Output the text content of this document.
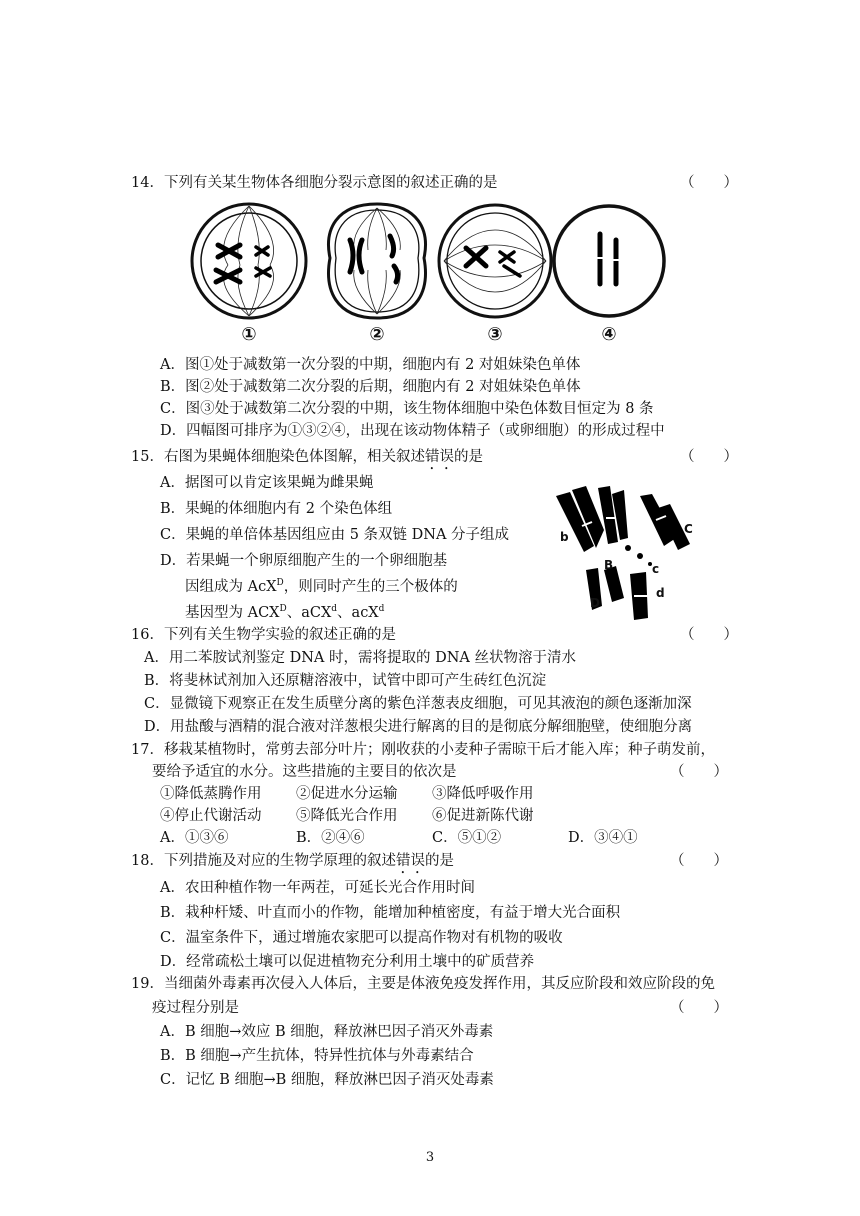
14．下列有关某生物体各细胞分裂示意图的叙述正确的是	（　　）
①	②	③	④
A．图①处于减数第一次分裂的中期，细胞内有 2 对姐妹染色单体
B．图②处于减数第二次分裂的后期，细胞内有 2 对姐妹染色单体
C．图③处于减数第二次分裂的中期，该生物体细胞中染色体数目恒定为 8 条
D．四幅图可排序为①③②④，出现在该动物体精子（或卵细胞）的形成过程中
15．右图为果蝇体细胞染色体图解，相关叙述错误的是	（　　）
A．据图可以肯定该果蝇为雌果蝇
B．果蝇的体细胞内有 2 个染色体组
C．果蝇的单倍体基因组应由 5 条双链 DNA 分子组成
D．若果蝇一个卵原细胞产生的一个卵细胞基
因组成为 AcX$^D$，则同时产生的三个极体的
基因型为 $ACX^D$、aCX$^d$、acX$^d$
b
B
D
d
C
c
16．下列有关生物学实验的叙述正确的是	（　　）
A．用二苯胺试剂鉴定 DNA 时，需将提取的 DNA 丝状物溶于清水
B．将斐林试剂加入还原糖溶液中，试管中即可产生砖红色沉淀
C．显微镜下观察正在发生质壁分离的紫色洋葱表皮细胞，可见其液泡的颜色逐渐加深
D．用盐酸与酒精的混合液对洋葱根尖进行解离的目的是彻底分解细胞壁，使细胞分离
17．移栽某植物时，常剪去部分叶片；刚收获的小麦种子需晾干后才能入库；种子萌发前，
要给予适宜的水分。这些措施的主要目的依次是	（　　）
①降低蒸腾作用 ②促进水分运输 ③降低呼吸作用
④停止代谢活动 ⑤降低光合作用 ⑥促进新陈代谢
A．①③⑥	B．②④⑥	C．⑤①②	D．③④①
18．下列措施及对应的生物学原理的叙述错误的是	（　　）
A．农田种植作物一年两茬，可延长光合作用时间
B．栽种杆矮、叶直而小的作物，能增加种植密度，有益于增大光合面积
C．温室条件下，通过增施农家肥可以提高作物对有机物的吸收
D．经常疏松土壤可以促进植物充分利用土壤中的矿质营养
19．当细菌外毒素再次侵入人体后，主要是体液免疫发挥作用，其反应阶段和效应阶段的免
疫过程分别是	（　　）
A．B 细胞→效应 B 细胞，释放淋巴因子消灭外毒素
B．B 细胞→产生抗体，特异性抗体与外毒素结合
C．记忆 B 细胞→B 细胞，释放淋巴因子消灭处毒素
3
